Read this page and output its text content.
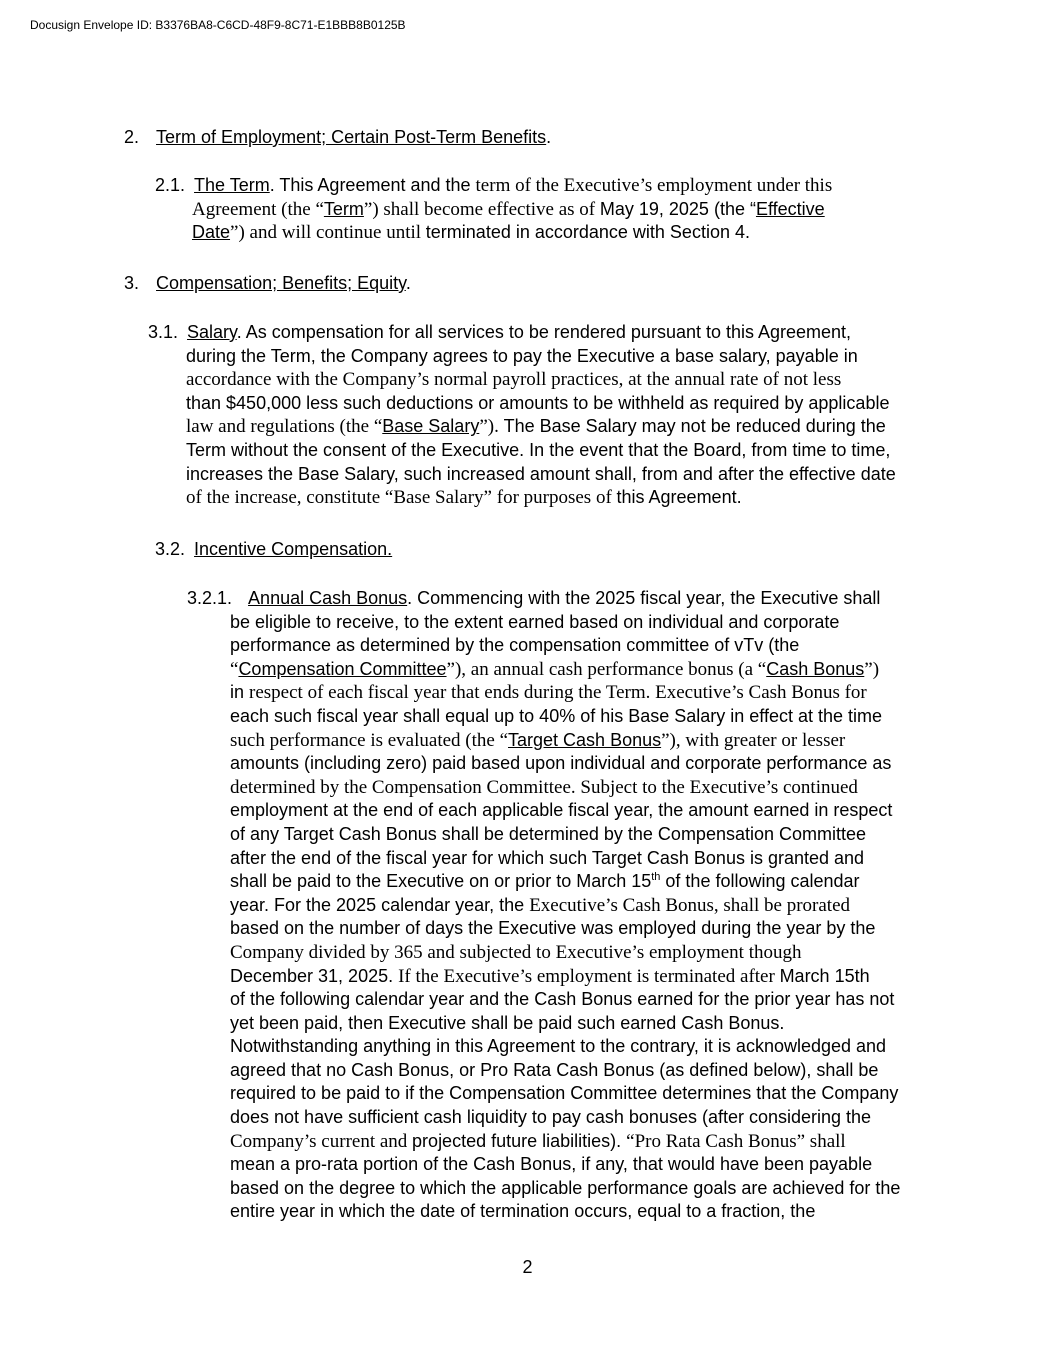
Docusign Envelope ID: B3376BA8-C6CD-48F9-8C71-E1BBB8B0125B
2. Term of Employment; Certain Post-Term Benefits.
2.1. The Term. This Agreement and the term of the Executive’s employment under this
Agreement (the “Term”) shall become effective as of May 19, 2025 (the “Effective
Date”) and will continue until terminated in accordance with Section 4.
3. Compensation; Benefits; Equity.
3.1. Salary. As compensation for all services to be rendered pursuant to this Agreement,
during the Term, the Company agrees to pay the Executive a base salary, payable in
accordance with the Company’s normal payroll practices, at the annual rate of not less
than $450,000 less such deductions or amounts to be withheld as required by applicable
law and regulations (the “Base Salary”). The Base Salary may not be reduced during the
Term without the consent of the Executive. In the event that the Board, from time to time,
increases the Base Salary, such increased amount shall, from and after the effective date
of the increase, constitute “Base Salary” for purposes of this Agreement.
3.2. Incentive Compensation.
3.2.1. Annual Cash Bonus. Commencing with the 2025 fiscal year, the Executive shall
be eligible to receive, to the extent earned based on individual and corporate
performance as determined by the compensation committee of vTv (the
“Compensation Committee”), an annual cash performance bonus (a “Cash Bonus”)
in respect of each fiscal year that ends during the Term. Executive’s Cash Bonus for
each such fiscal year shall equal up to 40% of his Base Salary in effect at the time
such performance is evaluated (the “Target Cash Bonus”), with greater or lesser
amounts (including zero) paid based upon individual and corporate performance as
determined by the Compensation Committee. Subject to the Executive’s continued
employment at the end of each applicable fiscal year, the amount earned in respect
of any Target Cash Bonus shall be determined by the Compensation Committee
after the end of the fiscal year for which such Target Cash Bonus is granted and
shall be paid to the Executive on or prior to March 15th of the following calendar
year. For the 2025 calendar year, the Executive’s Cash Bonus, shall be prorated
based on the number of days the Executive was employed during the year by the
Company divided by 365 and subjected to Executive’s employment though
December 31, 2025. If the Executive’s employment is terminated after March 15th
of the following calendar year and the Cash Bonus earned for the prior year has not
yet been paid, then Executive shall be paid such earned Cash Bonus.
Notwithstanding anything in this Agreement to the contrary, it is acknowledged and
agreed that no Cash Bonus, or Pro Rata Cash Bonus (as defined below), shall be
required to be paid to if the Compensation Committee determines that the Company
does not have sufficient cash liquidity to pay cash bonuses (after considering the
Company’s current and projected future liabilities). “Pro Rata Cash Bonus” shall
mean a pro-rata portion of the Cash Bonus, if any, that would have been payable
based on the degree to which the applicable performance goals are achieved for the
entire year in which the date of termination occurs, equal to a fraction, the
2
